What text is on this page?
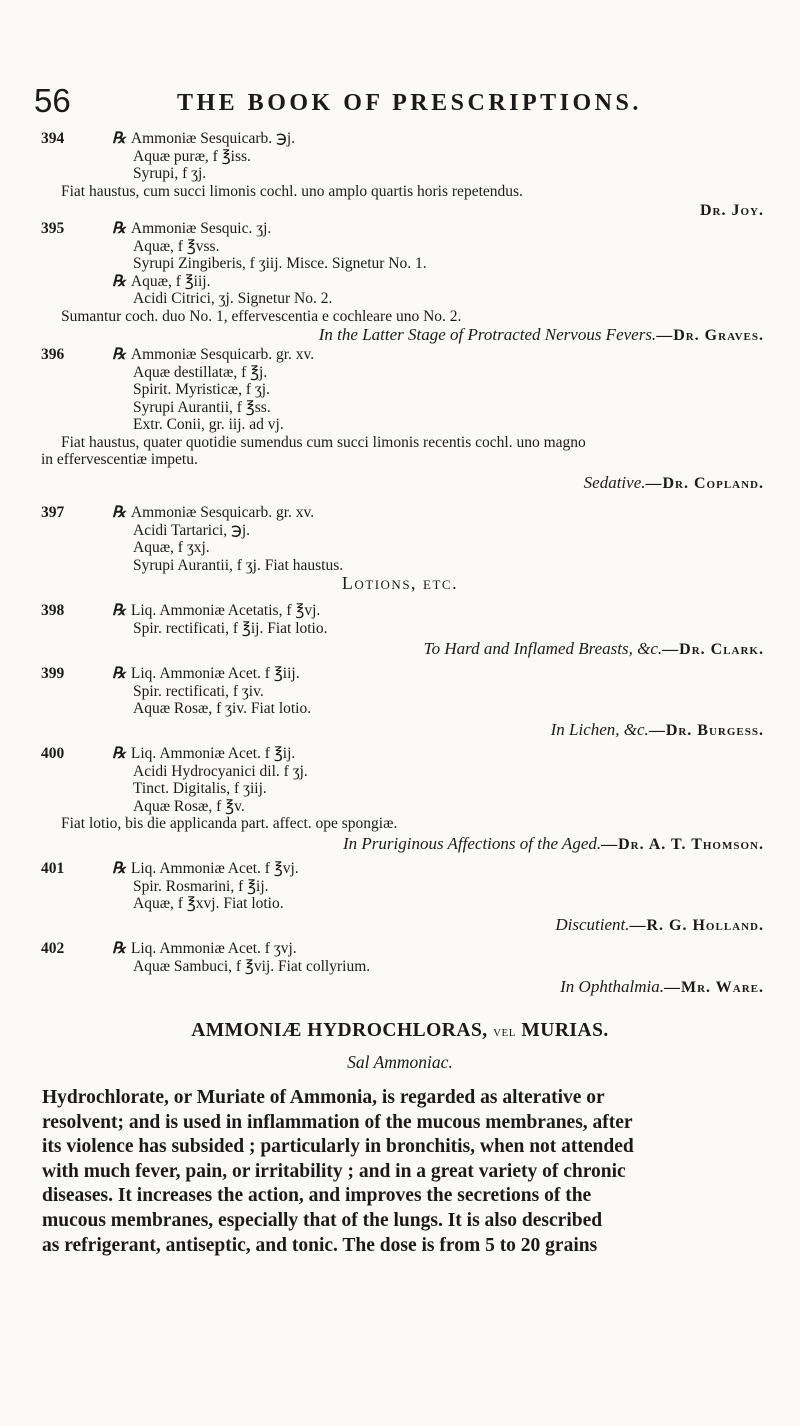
56	THE BOOK OF PRESCRIPTIONS.
394	℞ Ammoniæ Sesquicarb. ℈j.
Aquæ puræ, f ℥iss.
Syrupi, f ʒj.
Fiat haustus, cum succi limonis cochl. uno amplo quartis horis repetendus.
Dr. Joy.
395	℞ Ammoniæ Sesquic. ʒj.
Aquæ, f ℥vss.
Syrupi Zingiberis, f ʒiij. Misce. Signetur No. 1.
℞ Aquæ, f ℥iij.
Acidi Citrici, ʒj. Signetur No. 2.
Sumantur coch. duo No. 1, effervescentia e cochleare uno No. 2.
In the Latter Stage of Protracted Nervous Fevers.—Dr. Graves.
396	℞ Ammoniæ Sesquicarb. gr. xv.
Aquæ destillatæ, f ℥j.
Spirit. Myristicæ, f ʒj.
Syrupi Aurantii, f ℥ss.
Extr. Conii, gr. iij. ad vj.
Fiat haustus, quater quotidie sumendus cum succi limonis recentis cochl. uno magno
in effervescentiæ impetu.
Sedative.—Dr. Copland.
397	℞ Ammoniæ Sesquicarb. gr. xv.
Acidi Tartarici, ℈j.
Aquæ, f ʒxj.
Syrupi Aurantii, f ʒj. Fiat haustus.
Lotions, etc.
398	℞ Liq. Ammoniæ Acetatis, f ℥vj.
Spir. rectificati, f ℥ij. Fiat lotio.
To Hard and Inflamed Breasts, &c.—Dr. Clark.
399	℞ Liq. Ammoniæ Acet. f ℥iij.
Spir. rectificati, f ʒiv.
Aquæ Rosæ, f ʒiv. Fiat lotio.
In Lichen, &c.—Dr. Burgess.
400	℞ Liq. Ammoniæ Acet. f ℥ij.
Acidi Hydrocyanici dil. f ʒj.
Tinct. Digitalis, f ʒiij.
Aquæ Rosæ, f ℥v.
Fiat lotio, bis die applicanda part. affect. ope spongiæ.
In Pruriginous Affections of the Aged.—Dr. A. T. Thomson.
401	℞ Liq. Ammoniæ Acet. f ℥vj.
Spir. Rosmarini, f ℥ij.
Aquæ, f ℥xvj. Fiat lotio.
Discutient.—R. G. Holland.
402	℞ Liq. Ammoniæ Acet. f ʒvj.
Aquæ Sambuci, f ℥vij. Fiat collyrium.
In Ophthalmia.—Mr. Ware.
AMMONIÆ HYDROCHLORAS, vel MURIAS.
Sal Ammoniac.
Hydrochlorate, or Muriate of Ammonia, is regarded as alterative or
resolvent; and is used in inflammation of the mucous membranes, after
its violence has subsided ; particularly in bronchitis, when not attended
with much fever, pain, or irritability ; and in a great variety of chronic
diseases. It increases the action, and improves the secretions of the
mucous membranes, especially that of the lungs. It is also described
as refrigerant, antiseptic, and tonic. The dose is from 5 to 20 grains
